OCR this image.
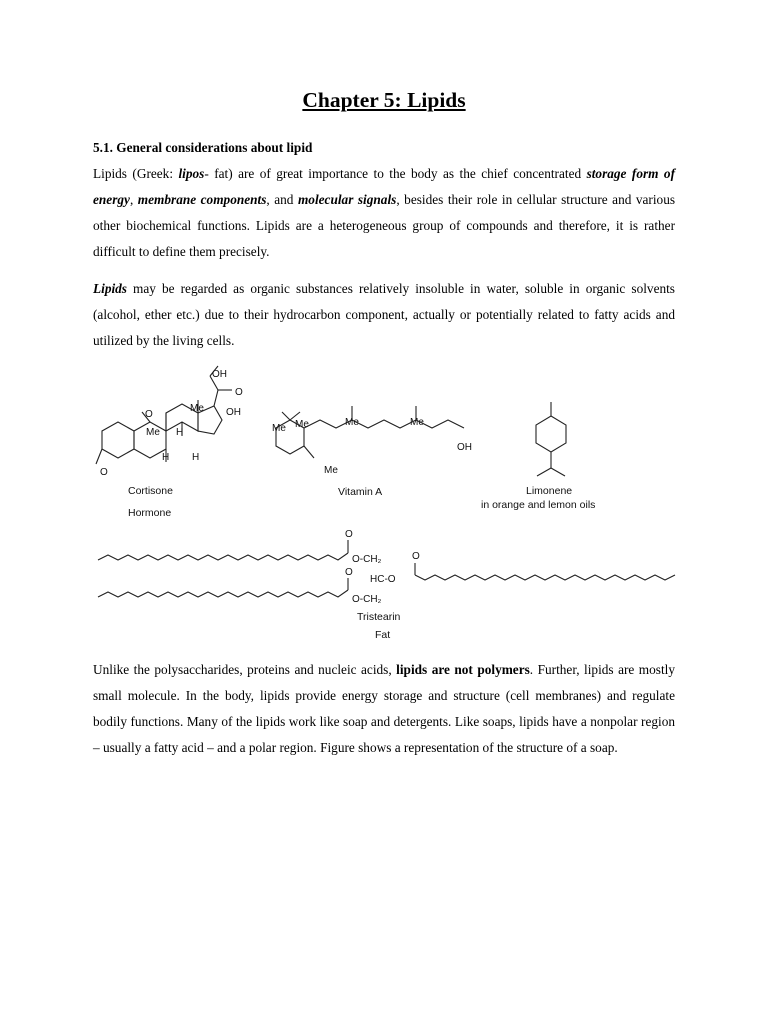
Chapter 5: Lipids
5.1. General considerations about lipid
Lipids (Greek: lipos- fat) are of great importance to the body as the chief concentrated storage form of energy, membrane components, and molecular signals, besides their role in cellular structure and various other biochemical functions. Lipids are a heterogeneous group of compounds and therefore, it is rather difficult to define them precisely.
Lipids may be regarded as organic substances relatively insoluble in water, soluble in organic solvents (alcohol, ether etc.) due to their hydrocarbon component, actually or potentially related to fatty acids and utilized by the living cells.
OH
O
Me OH
O
Me H
H H
O
Cortisone
Hormone
Me Me	Me	Me
Me
OH
Vitamin A	Limonene
in orange and lemon oils
O
O
O
O-CH₂
HC-O
O-CH₂
Tristearin
Fat
Unlike the polysaccharides, proteins and nucleic acids, lipids are not polymers. Further, lipids are mostly small molecule. In the body, lipids provide energy storage and structure (cell membranes) and regulate bodily functions. Many of the lipids work like soap and detergents. Like soaps, lipids have a nonpolar region – usually a fatty acid – and a polar region. Figure shows a representation of the structure of a soap.
